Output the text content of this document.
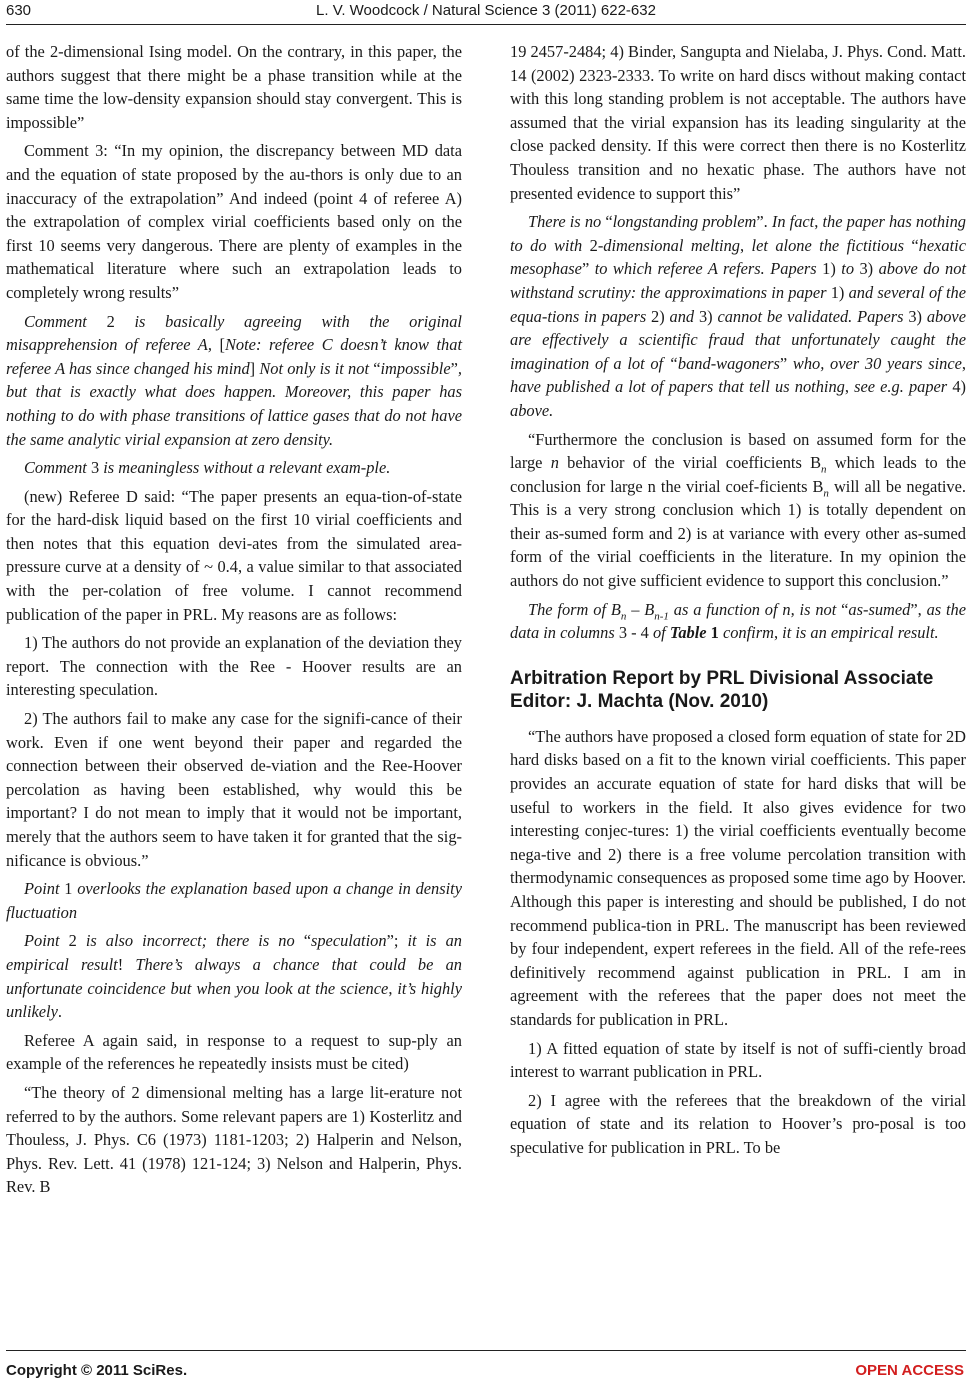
630	L. V. Woodcock / Natural Science 3 (2011) 622-632

of the 2-dimensional Ising model. On the contrary, in this paper, the authors suggest that there might be a phase transition while at the same time the low-density expansion should stay convergent. This is impossible”

Comment 3: “In my opinion, the discrepancy between MD data and the equation of state proposed by the au-thors is only due to an inaccuracy of the extrapolation” And indeed (point 4 of referee A) the extrapolation of complex virial coefficients based only on the first 10 seems very dangerous. There are plenty of examples in the mathematical literature where such an extrapolation leads to completely wrong results”

Comment 2 is basically agreeing with the original misapprehension of referee A, [Note: referee C doesn’t know that referee A has since changed his mind] Not only is it not “impossible”, but that is exactly what does happen. Moreover, this paper has nothing to do with phase transitions of lattice gases that do not have the same analytic virial expansion at zero density.

Comment 3 is meaningless without a relevant exam-ple.

(new) Referee D said: “The paper presents an equa-tion-of-state for the hard-disk liquid based on the first 10 virial coefficients and then notes that this equation devi-ates from the simulated area-pressure curve at a density of ~ 0.4, a value similar to that associated with the per-colation of free volume. I cannot recommend publication of the paper in PRL. My reasons are as follows:

1) The authors do not provide an explanation of the deviation they report. The connection with the Ree - Hoover results are an interesting speculation.

2) The authors fail to make any case for the signifi-cance of their work. Even if one went beyond their paper and regarded the connection between their observed de-viation and the Ree-Hoover percolation as having been established, why would this be important? I do not mean to imply that it would not be important, merely that the authors seem to have taken it for granted that the sig-nificance is obvious.”

Point 1 overlooks the explanation based upon a change in density fluctuation

Point 2 is also incorrect; there is no “speculation”; it is an empirical result! There’s always a chance that could be an unfortunate coincidence but when you look at the science, it’s highly unlikely.

Referee A again said, in response to a request to sup-ply an example of the references he repeatedly insists must be cited)

“The theory of 2 dimensional melting has a large lit-erature not referred to by the authors. Some relevant papers are 1) Kosterlitz and Thouless, J. Phys. C6 (1973) 1181-1203; 2) Halperin and Nelson, Phys. Rev. Lett. 41 (1978) 121-124; 3) Nelson and Halperin, Phys. Rev. B

19 2457-2484; 4) Binder, Sangupta and Nielaba, J. Phys. Cond. Matt. 14 (2002) 2323-2333. To write on hard discs without making contact with this long standing problem is not acceptable. The authors have assumed that the virial expansion has its leading singularity at the close packed density. If this were correct then there is no Kosterlitz Thouless transition and no hexatic phase. The authors have not presented evidence to support this”

There is no “longstanding problem”. In fact, the paper has nothing to do with 2-dimensional melting, let alone the fictitious “hexatic mesophase” to which referee A refers. Papers 1) to 3) above do not withstand scrutiny: the approximations in paper 1) and several of the equa-tions in papers 2) and 3) cannot be validated. Papers 3) above are effectively a scientific fraud that unfortunately caught the imagination of a lot of “band-wagoners” who, over 30 years since, have published a lot of papers that tell us nothing, see e.g. paper 4) above.

“Furthermore the conclusion is based on assumed form for the large n behavior of the virial coefficients $B_n$ which leads to the conclusion for large n the virial coef-ficients $B_n$ will all be negative. This is a very strong conclusion which 1) is totally dependent on their as-sumed form and 2) is at variance with every other as-sumed form of the virial coefficients in the literature. In my opinion the authors do not give sufficient evidence to support this conclusion.”

The form of $B_n - B_{n-1}$ as a function of n, is not “as-sumed”, as the data in columns 3 - 4 of Table 1 confirm, it is an empirical result.

Arbitration Report by PRL Divisional Associate Editor: J. Machta (Nov. 2010)

“The authors have proposed a closed form equation of state for 2D hard disks based on a fit to the known virial coefficients. This paper provides an accurate equation of state for hard disks that will be useful to workers in the field. It also gives evidence for two interesting conjec-tures: 1) the virial coefficients eventually become nega-tive and 2) there is a free volume percolation transition with thermodynamic consequences as proposed some time ago by Hoover. Although this paper is interesting and should be published, I do not recommend publica-tion in PRL. The manuscript has been reviewed by four independent, expert referees in the field. All of the refe-rees definitively recommend against publication in PRL. I am in agreement with the referees that the paper does not meet the standards for publication in PRL.

1) A fitted equation of state by itself is not of suffi-ciently broad interest to warrant publication in PRL.

2) I agree with the referees that the breakdown of the virial equation of state and its relation to Hoover’s pro-posal is too speculative for publication in PRL. To be

Copyright © 2011 SciRes.	OPEN ACCESS
